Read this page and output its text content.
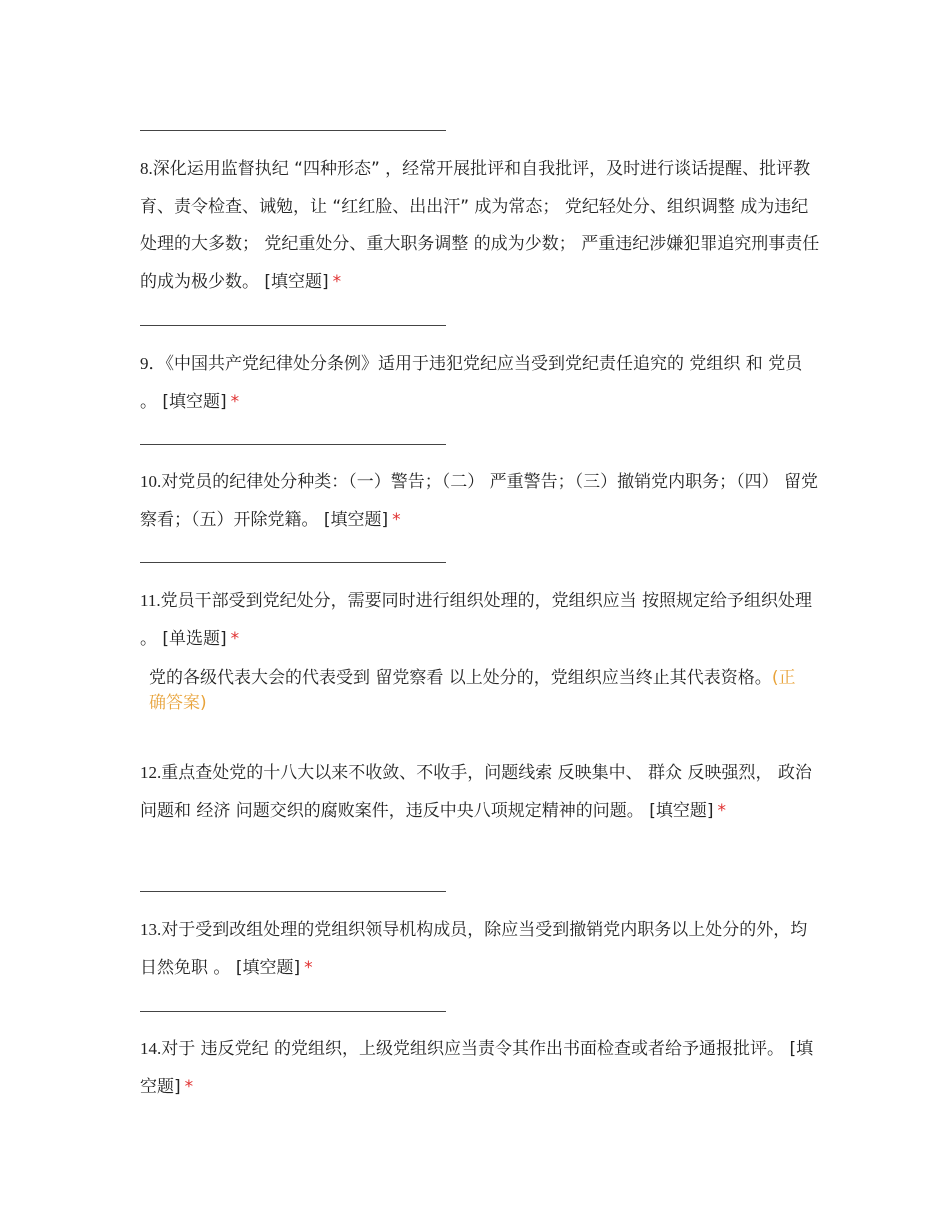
8.深化运用监督执纪 “四种形态” ，经常开展批评和自我批评，及时进行谈话提醒、批评教育、责令检查、诫勉，让 “红红脸、出出汗” 成为常态； 党纪轻处分、组织调整 成为违纪处理的大多数； 党纪重处分、重大职务调整 的成为少数； 严重违纪涉嫌犯罪追究刑事责任 的成为极少数。 [填空题] *

9．《中国共产党纪律处分条例》适用于违犯党纪应当受到党纪责任追究的 党组织 和 党员 。 [填空题] *

10.对党员的纪律处分种类：（一）警告；（二） 严重警告；（三）撤销党内职务；（四） 留党察看；（五）开除党籍。 [填空题] *

11.党员干部受到党纪处分，需要同时进行组织处理的，党组织应当 按照规定给予组织处理 。 [单选题] *

党的各级代表大会的代表受到 留党察看 以上处分的，党组织应当终止其代表资格。(正确答案)

12.重点查处党的十八大以来不收敛、不收手，问题线索 反映集中、 群众 反映强烈， 政治 问题和 经济 问题交织的腐败案件，违反中央八项规定精神的问题。 [填空题] *

13.对于受到改组处理的党组织领导机构成员，除应当受到撤销党内职务以上处分的外，均 日然免职 。 [填空题] *

14.对于 违反党纪 的党组织，上级党组织应当责令其作出书面检查或者给予通报批评。 [填空题] *
